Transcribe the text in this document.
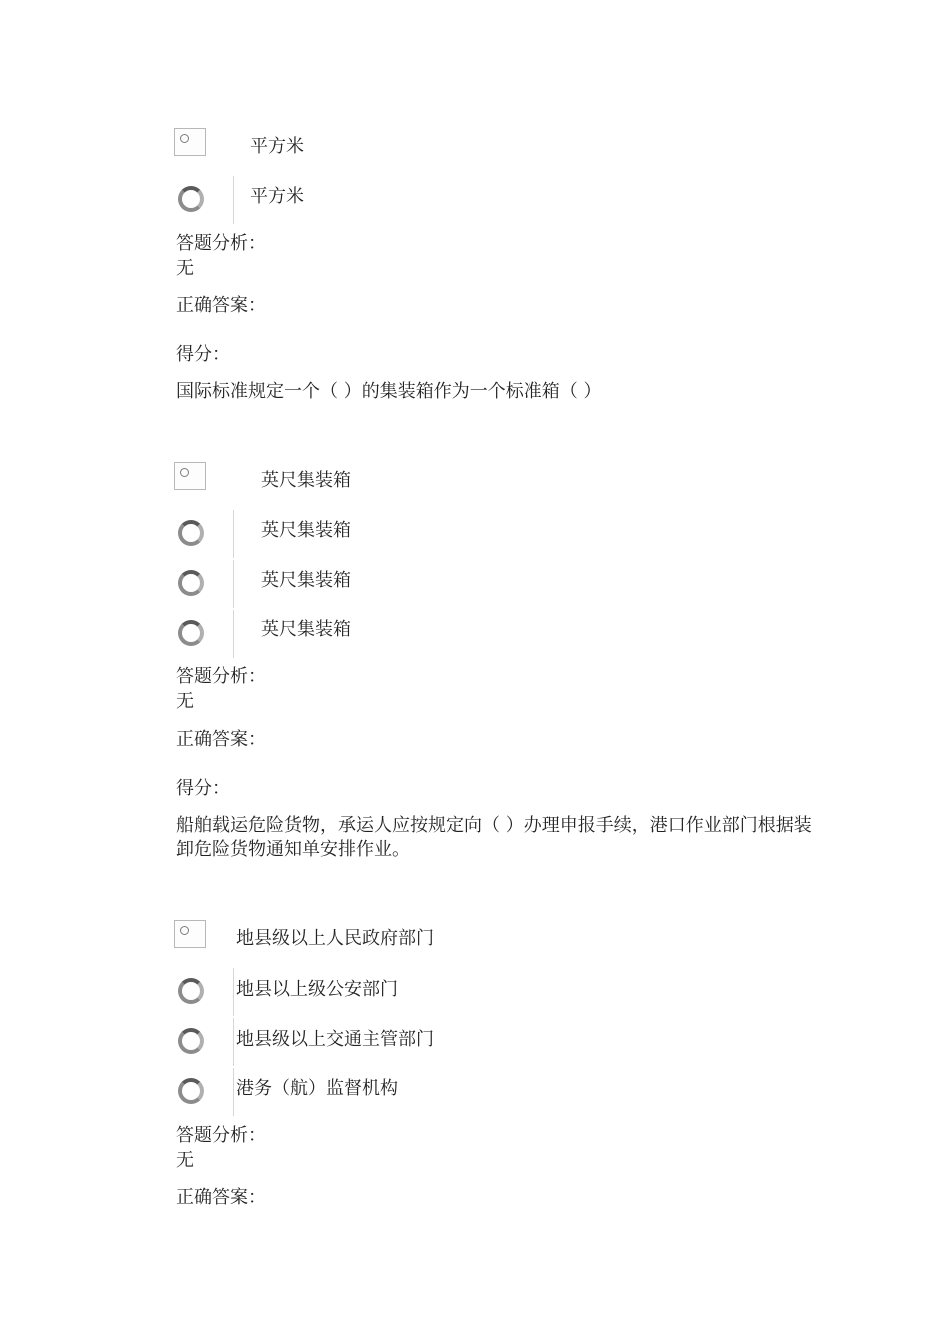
平方米
平方米
答题分析：
无
正确答案：
得分：
国际标准规定一个（ ）的集装箱作为一个标准箱（ ）
英尺集装箱
英尺集装箱
英尺集装箱
英尺集装箱
答题分析：
无
正确答案：
得分：
船舶载运危险货物，承运人应按规定向（ ）办理申报手续，港口作业部门根据装卸危险货物通知单安排作业。
地县级以上人民政府部门
地县以上级公安部门
地县级以上交通主管部门
港务（航）监督机构
答题分析：
无
正确答案：
